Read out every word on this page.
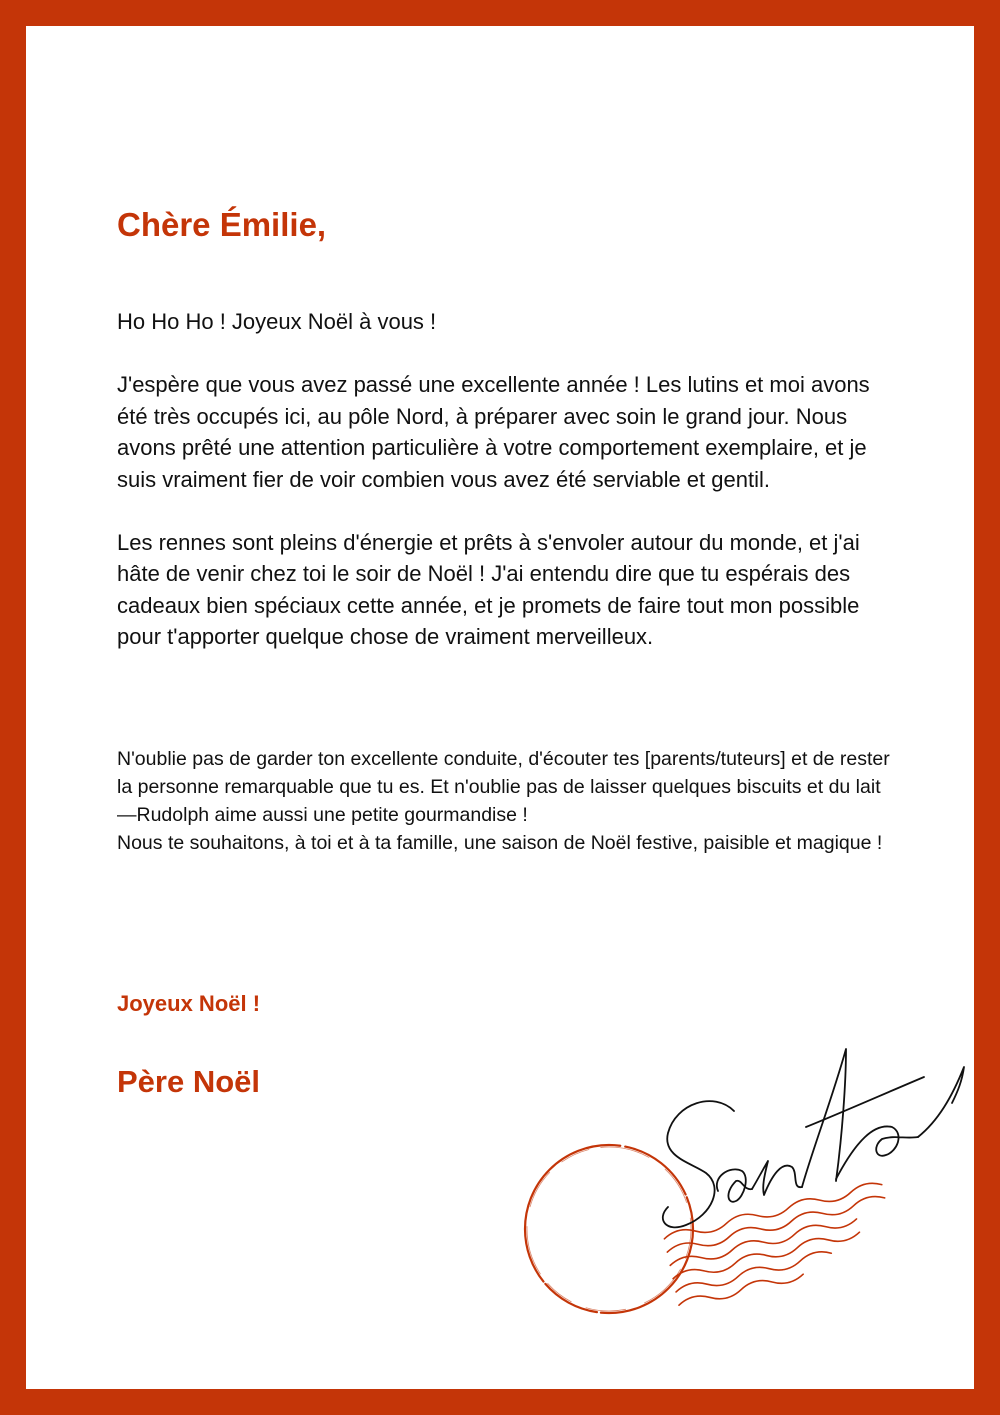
Chère Émilie,

Ho Ho Ho ! Joyeux Noël à vous !

J'espère que vous avez passé une excellente année ! Les lutins et moi avons été très occupés ici, au pôle Nord, à préparer avec soin le grand jour. Nous avons prêté une attention particulière à votre comportement exemplaire, et je suis vraiment fier de voir combien vous avez été serviable et gentil.

Les rennes sont pleins d'énergie et prêts à s'envoler autour du monde, et j'ai hâte de venir chez toi le soir de Noël ! J'ai entendu dire que tu espérais des cadeaux bien spéciaux cette année, et je promets de faire tout mon possible pour t'apporter quelque chose de vraiment merveilleux.

N'oublie pas de garder ton excellente conduite, d'écouter tes [parents/tuteurs] et de rester la personne remarquable que tu es. Et n'oublie pas de laisser quelques biscuits et du lait—Rudolph aime aussi une petite gourmandise !

Nous te souhaitons, à toi et à ta famille, une saison de Noël festive, paisible et magique !

Joyeux Noël !

Père Noël
